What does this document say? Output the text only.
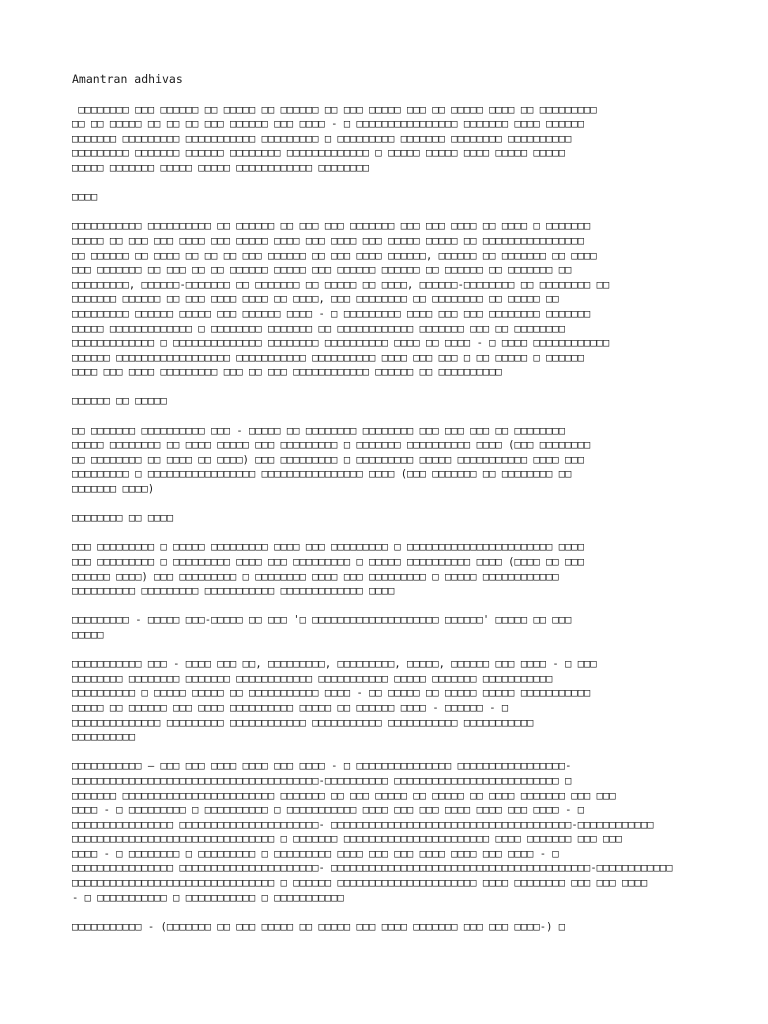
Amantran adhivas
□□□□□□□□ □□□ □□□□□□ □□ □□□□□ □□ □□□□□□ □□ □□□ □□□□□ □□□ □□ □□□□□ □□□□ □□ □□□□□□□□□
□□ □□ □□□□□ □□ □□ □□ □□□ □□□□□□ □□□ □□□□ - □ □□□□□□□□□□□□□□□□ □□□□□□□ □□□□ □□□□□□
□□□□□□□ □□□□□□□□□ □□□□□□□□□□□ □□□□□□□□□ □ □□□□□□□□□ □□□□□□□ □□□□□□□□ □□□□□□□□□□
□□□□□□□□□ □□□□□□□ □□□□□□ □□□□□□□□ □□□□□□□□□□□□□ □ □□□□□ □□□□□ □□□□ □□□□□ □□□□□
□□□□□ □□□□□□□ □□□□□ □□□□□ □□□□□□□□□□□□ □□□□□□□□
□□□□
□□□□□□□□□□□ □□□□□□□□□□ □□ □□□□□□ □□ □□□ □□□ □□□□□□□ □□□ □□□ □□□□ □□ □□□□ □ □□□□□□□
□□□□□ □□ □□□ □□□ □□□□ □□□ □□□□□ □□□□ □□□ □□□□ □□□ □□□□□ □□□□□ □□ □□□□□□□□□□□□□□□□
□□ □□□□□□ □□ □□□□ □□ □□ □□ □□□ □□□□□□ □□ □□□ □□□□ □□□□□□, □□□□□□ □□ □□□□□□□ □□ □□□□
□□□ □□□□□□□ □□ □□□ □□ □□ □□□□□□ □□□□□ □□□ □□□□□□ □□□□□□ □□ □□□□□□ □□ □□□□□□□ □□
□□□□□□□□□, □□□□□□-□□□□□□□ □□ □□□□□□□ □□ □□□□□ □□ □□□□, □□□□□□-□□□□□□□□ □□ □□□□□□□□ □□
□□□□□□□ □□□□□□ □□ □□□ □□□□ □□□□ □□ □□□□, □□□ □□□□□□□□ □□ □□□□□□□□ □□ □□□□□ □□
□□□□□□□□□ □□□□□□ □□□□□ □□□ □□□□□□ □□□□ - □ □□□□□□□□□ □□□□ □□□ □□□ □□□□□□□□ □□□□□□□
□□□□□ □□□□□□□□□□□□□ □ □□□□□□□□ □□□□□□□ □□ □□□□□□□□□□□□ □□□□□□□ □□□ □□ □□□□□□□□
□□□□□□□□□□□□□ □ □□□□□□□□□□□□□□ □□□□□□□□ □□□□□□□□□□ □□□□ □□ □□□□ - □ □□□□ □□□□□□□□□□□□
□□□□□□ □□□□□□□□□□□□□□□□□□ □□□□□□□□□□□ □□□□□□□□□□ □□□□ □□□ □□□ □ □□ □□□□□ □ □□□□□□
□□□□ □□□ □□□□ □□□□□□□□□ □□□ □□ □□□ □□□□□□□□□□□□ □□□□□□ □□ □□□□□□□□□□
□□□□□□ □□ □□□□□
□□ □□□□□□□ □□□□□□□□□□ □□□ - □□□□□ □□ □□□□□□□□ □□□□□□□□ □□□ □□□ □□□ □□ □□□□□□□□
□□□□□ □□□□□□□□ □□ □□□□ □□□□□ □□□ □□□□□□□□□ □ □□□□□□□ □□□□□□□□□□ □□□□ (□□□ □□□□□□□□
□□ □□□□□□□□ □□ □□□□ □□ □□□□) □□□ □□□□□□□□□ □ □□□□□□□□□ □□□□□ □□□□□□□□□□□ □□□□ □□□
□□□□□□□□□ □ □□□□□□□□□□□□□□□□□ □□□□□□□□□□□□□□□□ □□□□ (□□□ □□□□□□□ □□ □□□□□□□□ □□
□□□□□□□ □□□□)
□□□□□□□□ □□ □□□□
□□□ □□□□□□□□□ □ □□□□□ □□□□□□□□□ □□□□ □□□ □□□□□□□□□ □ □□□□□□□□□□□□□□□□□□□□□□□ □□□□
□□□ □□□□□□□□□ □ □□□□□□□□□ □□□□ □□□ □□□□□□□□□ □ □□□□□ □□□□□□□□□□ □□□□ (□□□□ □□ □□□
□□□□□□ □□□□) □□□ □□□□□□□□□ □ □□□□□□□□ □□□□ □□□ □□□□□□□□□ □ □□□□□ □□□□□□□□□□□□
□□□□□□□□□□ □□□□□□□□□ □□□□□□□□□□□ □□□□□□□□□□□□□ □□□□
□□□□□□□□□ - □□□□□ □□□-□□□□□ □□ □□□ '□ □□□□□□□□□□□□□□□□□□□□ □□□□□□' □□□□□ □□ □□□
□□□□□
□□□□□□□□□□□ □□□ - □□□□ □□□ □□, □□□□□□□□□, □□□□□□□□□, □□□□□, □□□□□□ □□□ □□□□ - □ □□□
□□□□□□□□ □□□□□□□□ □□□□□□□ □□□□□□□□□□□□ □□□□□□□□□□□ □□□□□ □□□□□□□ □□□□□□□□□□□
□□□□□□□□□□ □ □□□□□ □□□□□ □□ □□□□□□□□□□□ □□□□ - □□ □□□□□ □□ □□□□□ □□□□□ □□□□□□□□□□□
□□□□□ □□ □□□□□□ □□□ □□□□ □□□□□□□□□□ □□□□□ □□ □□□□□□ □□□□ - □□□□□□ - □
□□□□□□□□□□□□□□ □□□□□□□□□ □□□□□□□□□□□□ □□□□□□□□□□□ □□□□□□□□□□□ □□□□□□□□□□□
□□□□□□□□□□
□□□□□□□□□□□ – □□□ □□□ □□□□ □□□□ □□□ □□□□ - □ □□□□□□□□□□□□□□□ □□□□□□□□□□□□□□□□□-
□□□□□□□□□□□□□□□□□□□□□□□□□□□□□□□□□□□□□□□-□□□□□□□□□□ □□□□□□□□□□□□□□□□□□□□□□□□□□ □
□□□□□□□ □□□□□□□□□□□□□□□□□□□□□□□□ □□□□□□□ □□ □□□ □□□□□ □□ □□□□□ □□ □□□□ □□□□□□□ □□□ □□□
□□□□ - □ □□□□□□□□□ □ □□□□□□□□□□ □ □□□□□□□□□□□ □□□□ □□□ □□□ □□□□ □□□□ □□□ □□□□ - □
□□□□□□□□□□□□□□□□ □□□□□□□□□□□□□□□□□□□□□□- □□□□□□□□□□□□□□□□□□□□□□□□□□□□□□□□□□□□□□-□□□□□□□□□□□□
□□□□□□□□□□□□□□□□□□□□□□□□□□□□□□□□ □ □□□□□□□ □□□□□□□□□□□□□□□□□□□□□□□ □□□□ □□□□□□□ □□□ □□□
□□□□ - □ □□□□□□□□ □ □□□□□□□□□ □ □□□□□□□□□ □□□□ □□□ □□□ □□□□ □□□□ □□□ □□□□ - □
□□□□□□□□□□□□□□□□ □□□□□□□□□□□□□□□□□□□□□□- □□□□□□□□□□□□□□□□□□□□□□□□□□□□□□□□□□□□□□□□□-□□□□□□□□□□□□
□□□□□□□□□□□□□□□□□□□□□□□□□□□□□□□□ □ □□□□□□ □□□□□□□□□□□□□□□□□□□□□□ □□□□ □□□□□□□□ □□□ □□□ □□□□
- □ □□□□□□□□□□□ □ □□□□□□□□□□□ □ □□□□□□□□□□□
□□□□□□□□□□□ - (□□□□□□□ □□ □□□ □□□□□ □□ □□□□□ □□□ □□□□ □□□□□□□ □□□ □□□ □□□□-) □
